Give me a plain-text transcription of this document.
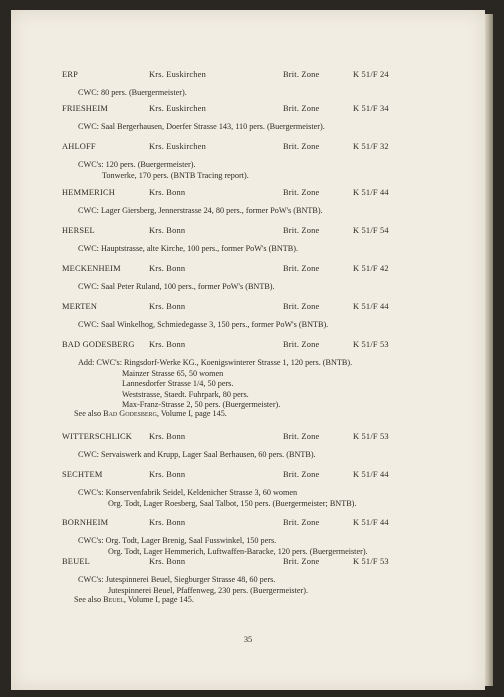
ERP	Krs. Euskirchen	Brit. Zone	K 51/F 24
CWC: 80 pers. (Buergermeister).
FRIESHEIM	Krs. Euskirchen	Brit. Zone	K 51/F 34
CWC: Saal Bergerhausen, Doerfer Strasse 143, 110 pers. (Buergermeister).
AHLOFF	Krs. Euskirchen	Brit. Zone	K 51/F 32
CWC's: 120 pers. (Buergermeister).
Tonwerke, 170 pers. (BNTB Tracing report).
HEMMERICH	Krs. Bonn	Brit. Zone	K 51/F 44
CWC: Lager Giersberg, Jennerstrasse 24, 80 pers., former PoW's (BNTB).
HERSEL	Krs. Bonn	Brit. Zone	K 51/F 54
CWC: Hauptstrasse, alte Kirche, 100 pers., former PoW's (BNTB).
MECKENHEIM	Krs. Bonn	Brit. Zone	K 51/F 42
CWC: Saal Peter Ruland, 100 pers., former PoW's (BNTB).
MERTEN	Krs. Bonn	Brit. Zone	K 51/F 44
CWC: Saal Winkelhog, Schmiedegasse 3, 150 pers., former PoW's (BNTB).
BAD GODESBERG Krs. Bonn	Brit. Zone	K 51/F 53
Add: CWC's: Ringsdorf-Werke KG., Koenigswinterer Strasse 1, 120 pers. (BNTB).
Mainzer Strasse 65, 50 women
Lannesdorfer Strasse 1/4, 50 pers.
Weststrasse, Staedt. Fuhrpark, 80 pers.
Max-Franz-Strasse 2, 50 pers. (Buergermeister).
See also Bad Godesberg, Volume I, page 145.
WITTERSCHLICK Krs. Bonn	Brit. Zone	K 51/F 53
CWC: Servaiswerk and Krupp, Lager Saal Berhausen, 60 pers. (BNTB).
SECHTEM	Krs. Bonn	Brit. Zone	K 51/F 44
CWC's: Konservenfabrik Seidel, Keldenicher Strasse 3, 60 women
Org. Todt, Lager Roesberg, Saal Talbot, 150 pers. (Buergermeister; BNTB).
BORNHEIM	Krs. Bonn	Brit. Zone	K 51/F 44
CWC's: Org. Todt, Lager Brenig, Saal Fusswinkel, 150 pers.
Org. Todt, Lager Hemmerich, Luftwaffen-Baracke, 120 pers. (Buergermeister).
BEUEL	Krs. Bonn	Brit. Zone	K 51/F 53
CWC's: Jutespinnerei Beuel, Siegburger Strasse 48, 60 pers.
Jutespinnerei Beuel, Pfaffenweg, 230 pers. (Buergermeister).
See also Beuel, Volume I, page 145.
35
